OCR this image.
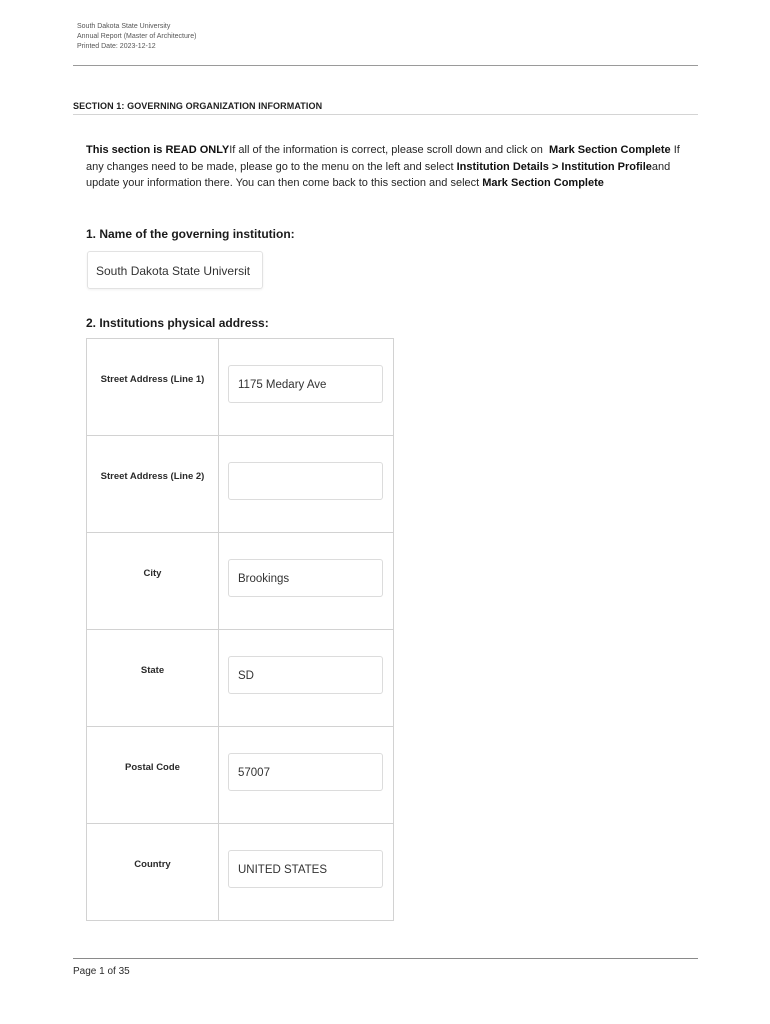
South Dakota State University
Annual Report (Master of Architecture)
Printed Date: 2023-12-12
SECTION 1: GOVERNING ORGANIZATION INFORMATION
This section is READ ONLYIf all of the information is correct, please scroll down and click on Mark Section Complete If any changes need to be made, please go to the menu on the left and select Institution Details > Institution Profileand update your information there. You can then come back to this section and select Mark Section Complete
1. Name of the governing institution:
South Dakota State Universit
2. Institutions physical address:
Street Address (Line 1)	1175 Medary Ave

Street Address (Line 2)	

City	Brookings

State	SD

Postal Code	57007

Country	UNITED STATES
Page 1 of 35
